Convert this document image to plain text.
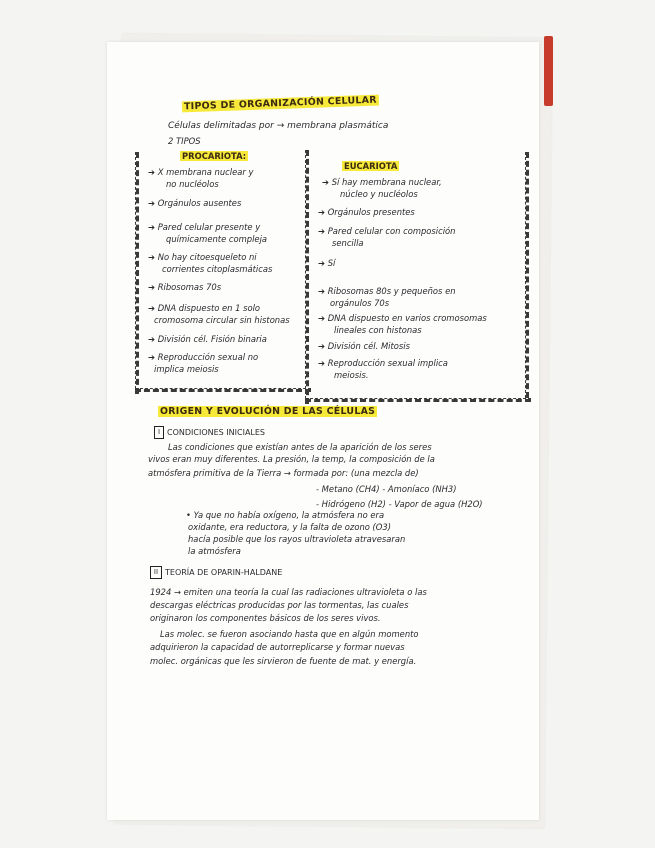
TIPOS DE ORGANIZACIÓN CELULAR
Células delimitadas por → membrana plasmática
2 TIPOS
PROCARIOTA:
➔ X membrana nuclear y
no nucléolos
➔ Orgánulos ausentes
➔ Pared celular presente y
químicamente compleja
➔ No hay citoesqueleto ni
corrientes citoplasmáticas
➔ Ribosomas 70s
➔ DNA dispuesto en 1 solo
cromosoma circular sin histonas
➔ División cél. Fisión binaria
➔ Reproducción sexual no
implica meiosis
EUCARIOTA
➔ Sí hay membrana nuclear,
núcleo y nucléolos
➔ Orgánulos presentes
➔ Pared celular con composición
sencilla
➔ Sí
➔ Ribosomas 80s y pequeños en
orgánulos 70s
➔ DNA dispuesto en varios cromosomas
lineales con histonas
➔ División cél. Mitosis
➔ Reproducción sexual implica
meiosis.
ORIGEN Y EVOLUCIÓN DE LAS CÉLULAS
I CONDICIONES INICIALES
Las condiciones que existían antes de la aparición de los seres
vivos eran muy diferentes. La presión, la temp, la composición de la
atmósfera primitiva de la Tierra → formada por: (una mezcla de)
- Metano (CH4) - Amoníaco (NH3)
- Hidrógeno (H2) - Vapor de agua (H2O)
• Ya que no había oxígeno, la atmósfera no era
oxidante, era reductora, y la falta de ozono (O3)
hacía posible que los rayos ultravioleta atravesaran
la atmósfera
II TEORÍA DE OPARIN-HALDANE
1924 → emiten una teoría la cual las radiaciones ultravioleta o las
descargas eléctricas producidas por las tormentas, las cuales
originaron los componentes básicos de los seres vivos.
Las molec. se fueron asociando hasta que en algún momento
adquirieron la capacidad de autorreplicarse y formar nuevas
molec. orgánicas que les sirvieron de fuente de mat. y energía.
